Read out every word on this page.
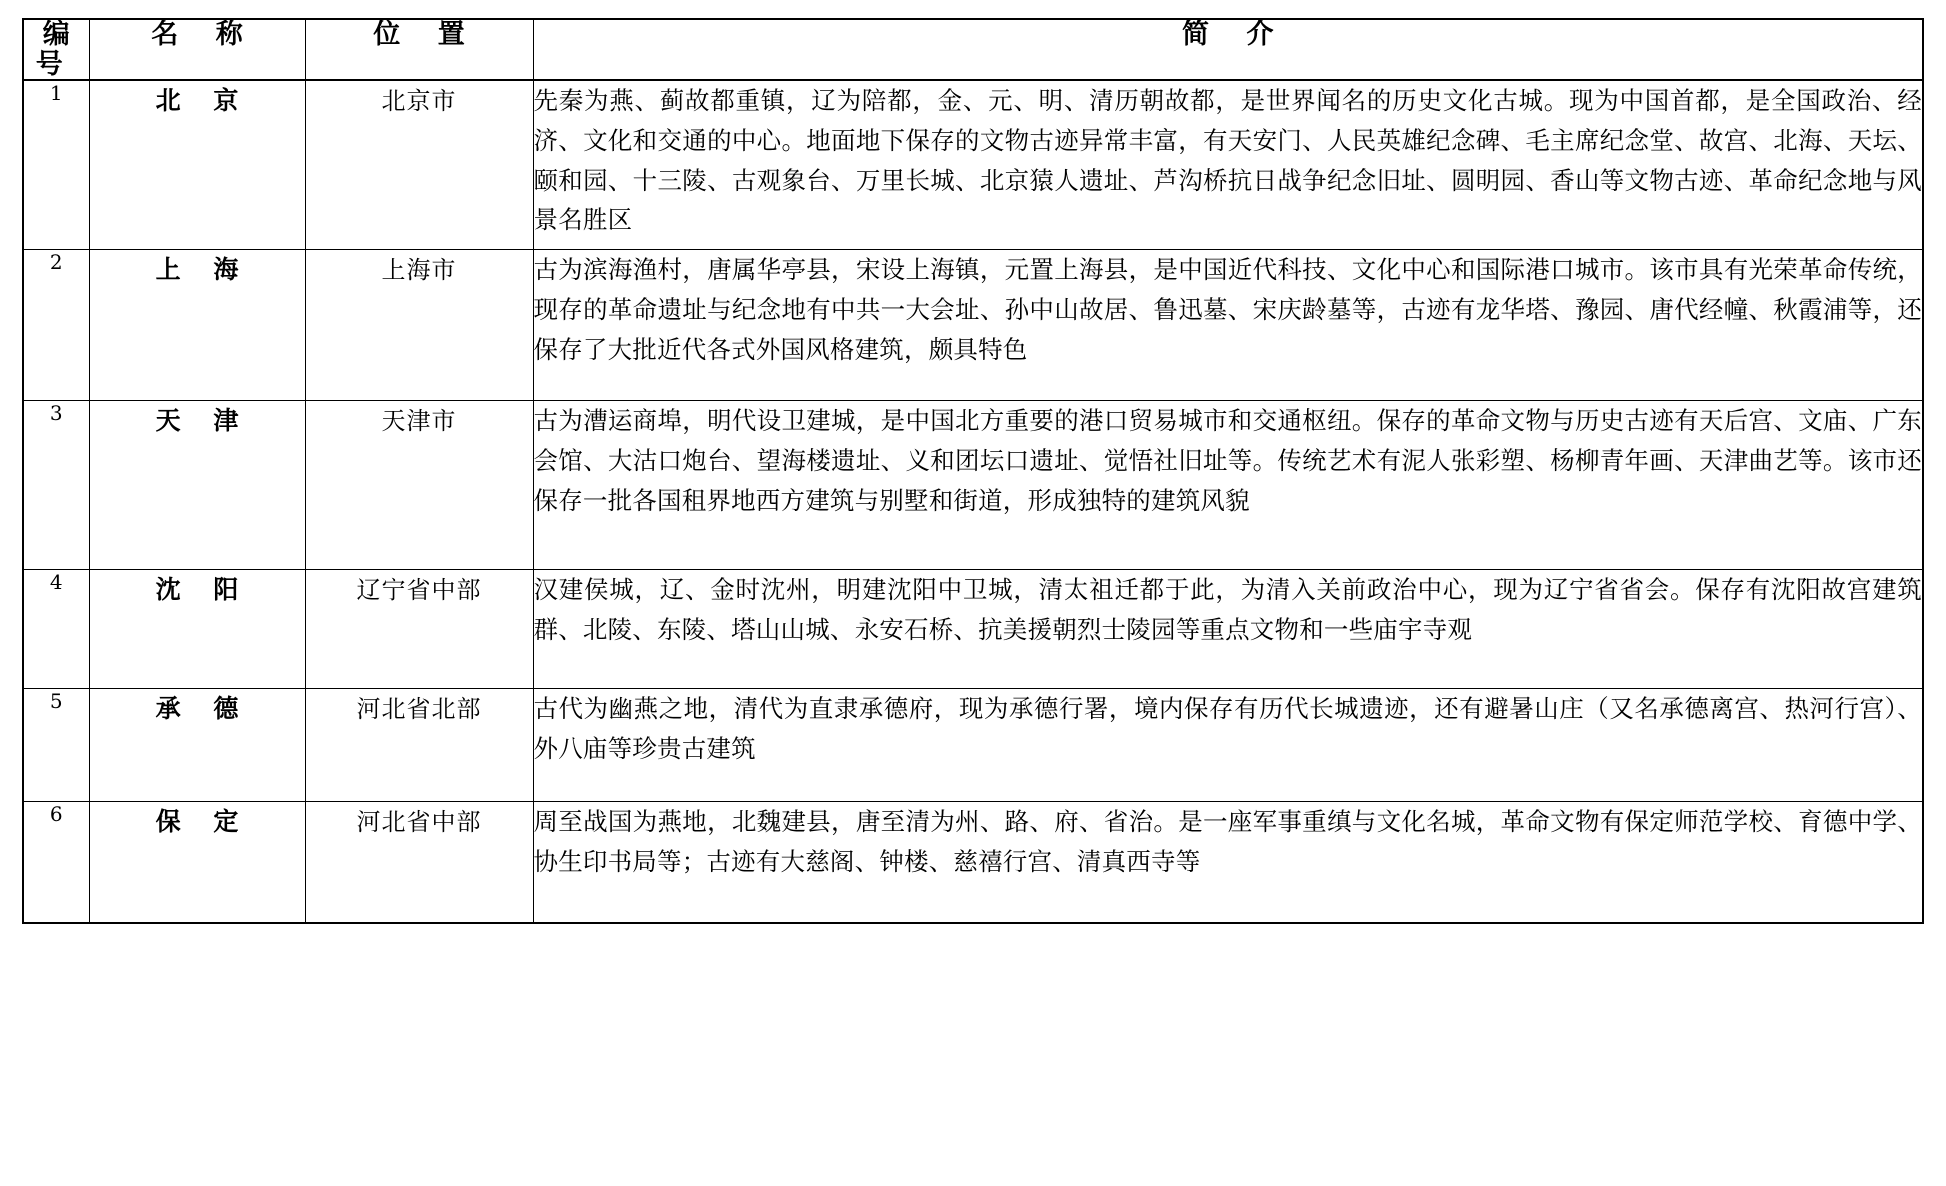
编 号	名 称	位 置	简 介
1	北 京	北京市	先秦为燕、蓟故都重镇，辽为陪都，金、元、明、清历朝故都，是世界闻名的历史文化古城。现为中国首都，是全国政治、经济、文化和交通的中心。地面地下保存的文物古迹异常丰富，有天安门、人民英雄纪念碑、毛主席纪念堂、故宫、北海、天坛、颐和园、十三陵、古观象台、万里长城、北京猿人遗址、芦沟桥抗日战争纪念旧址、圆明园、香山等文物古迹、革命纪念地与风景名胜区
2	上 海	上海市	古为滨海渔村，唐属华亭县，宋设上海镇，元置上海县，是中国近代科技、文化中心和国际港口城市。该市具有光荣革命传统，现存的革命遗址与纪念地有中共一大会址、孙中山故居、鲁迅墓、宋庆龄墓等，古迹有龙华塔、豫园、唐代经幢、秋霞浦等，还保存了大批近代各式外国风格建筑，颇具特色
3	天 津	天津市	古为漕运商埠，明代设卫建城，是中国北方重要的港口贸易城市和交通枢纽。保存的革命文物与历史古迹有天后宫、文庙、广东会馆、大沽口炮台、望海楼遗址、义和团坛口遗址、觉悟社旧址等。传统艺术有泥人张彩塑、杨柳青年画、天津曲艺等。该市还保存一批各国租界地西方建筑与别墅和街道，形成独特的建筑风貌
4	沈 阳	辽宁省中部	汉建侯城，辽、金时沈州，明建沈阳中卫城，清太祖迁都于此，为清入关前政治中心，现为辽宁省省会。保存有沈阳故宫建筑群、北陵、东陵、塔山山城、永安石桥、抗美援朝烈士陵园等重点文物和一些庙宇寺观
5	承 德	河北省北部	古代为幽燕之地，清代为直隶承德府，现为承德行署，境内保存有历代长城遗迹，还有避暑山庄（又名承德离宫、热河行宫）、外八庙等珍贵古建筑
6	保 定	河北省中部	周至战国为燕地，北魏建县，唐至清为州、路、府、省治。是一座军事重缜与文化名城，革命文物有保定师范学校、育德中学、协生印书局等；古迹有大慈阁、钟楼、慈禧行宫、清真西寺等
